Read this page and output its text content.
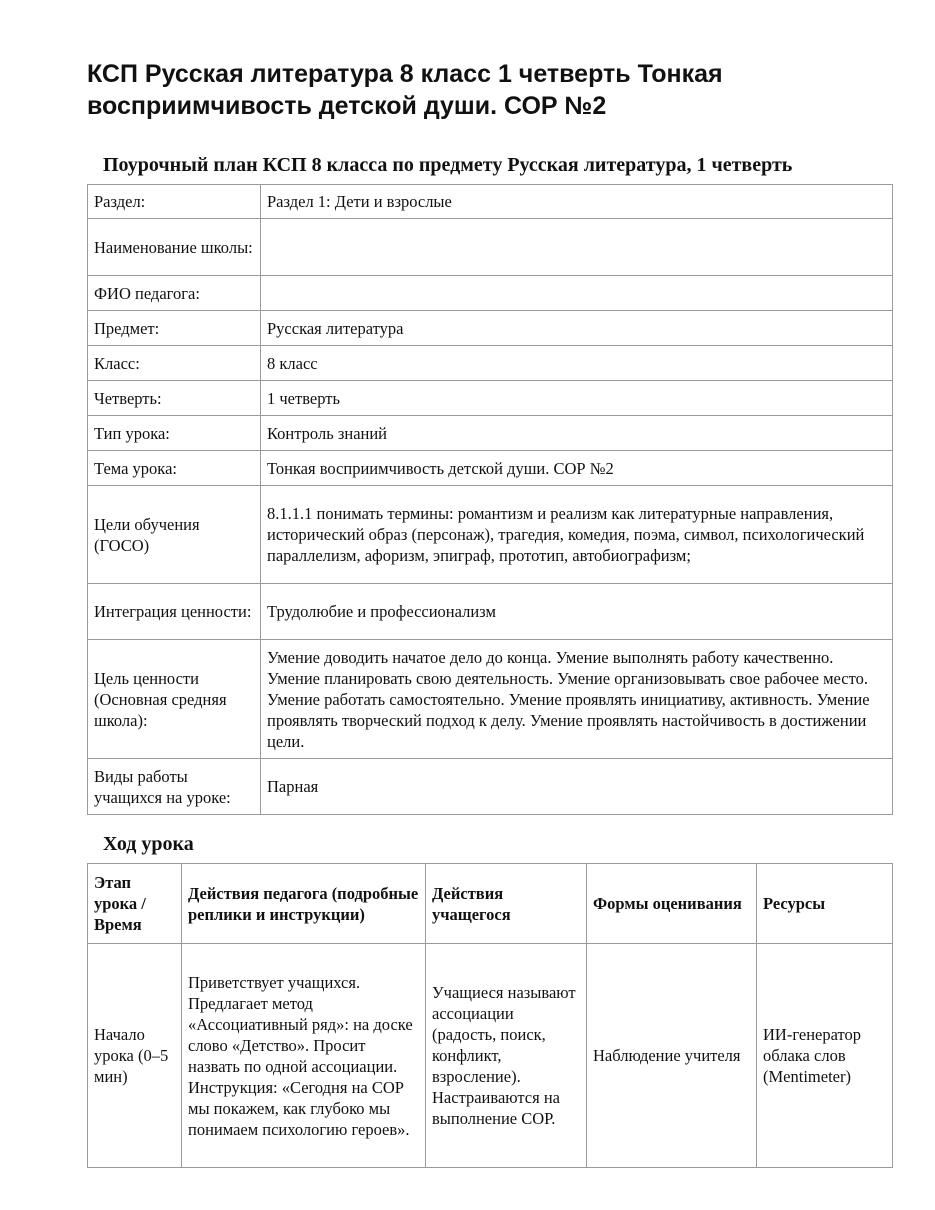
КСП Русская литература 8 класс 1 четверть Тонкая восприимчивость детской души. СОР №2
Поурочный план КСП 8 класса по предмету Русская литература, 1 четверть
Раздел:	Раздел 1: Дети и взрослые
Наименование школы:	
ФИО педагога:	
Предмет:	Русская литература
Класс:	8 класс
Четверть:	1 четверть
Тип урока:	Контроль знаний
Тема урока:	Тонкая восприимчивость детской души. СОР №2
Цели обучения (ГОСО)	8.1.1.1 понимать термины: романтизм и реализм как литературные направления, исторический образ (персонаж), трагедия, комедия, поэма, символ, психологический параллелизм, афоризм, эпиграф, прототип, автобиографизм;
Интеграция ценности:	Трудолюбие и профессионализм
Цель ценности (Основная средняя школа):	Умение доводить начатое дело до конца. Умение выполнять работу качественно. Умение планировать свою деятельность. Умение организовывать свое рабочее место. Умение работать самостоятельно. Умение проявлять инициативу, активность. Умение проявлять творческий подход к делу. Умение проявлять настойчивость в достижении цели.
Виды работы учащихся на уроке:	Парная
Ход урока
Этап урока / Время	Действия педагога (подробные реплики и инструкции)	Действия учащегося	Формы оценивания	Ресурсы
Начало урока (0–5 мин)	Приветствует учащихся. Предлагает метод «Ассоциативный ряд»: на доске слово «Детство». Просит назвать по одной ассоциации. Инструкция: «Сегодня на СОР мы покажем, как глубоко мы понимаем психологию героев».	Учащиеся называют ассоциации (радость, поиск, конфликт, взросление). Настраиваются на выполнение СОР.	Наблюдение учителя	ИИ-генератор облака слов (Mentimeter)
